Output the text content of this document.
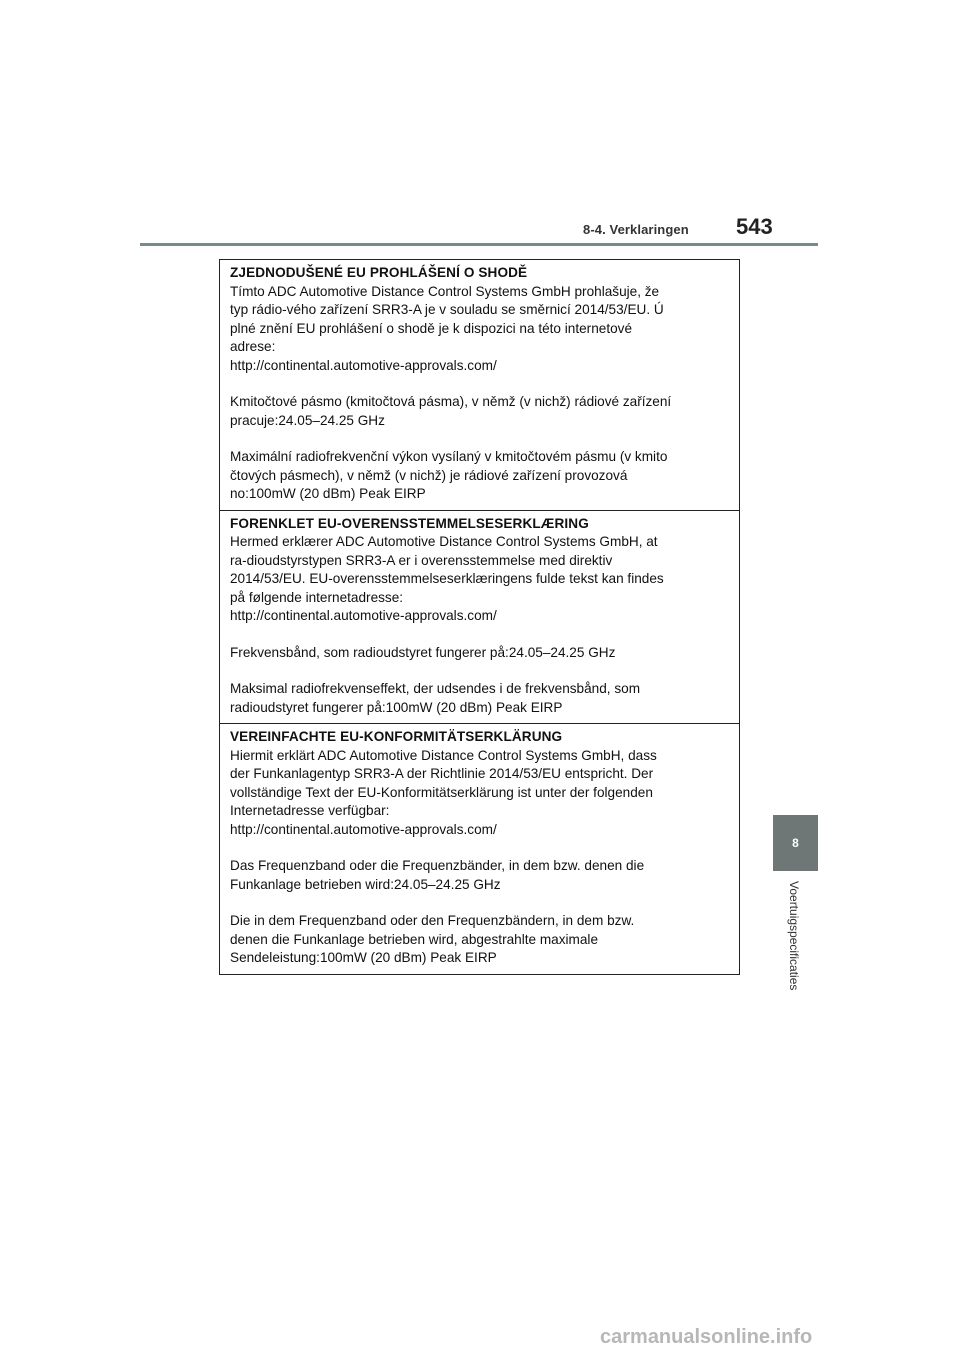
8-4. Verklaringen 543
8
Voertuigspecificaties
ZJEDNODUŠENÉ EU PROHLÁŠENÍ O SHODĚ
Tímto ADC Automotive Distance Control Systems GmbH prohlašuje, že
typ rádio-vého zařízení SRR3-A je v souladu se směrnicí 2014/53/EU. Ú
plné znění EU prohlášení o shodě je k dispozici na této internetové
adrese:
http://continental.automotive-approvals.com/
Kmitočtové pásmo (kmitočtová pásma), v němž (v nichž) rádiové zařízení
pracuje:24.05–24.25 GHz
Maximální radiofrekvenční výkon vysílaný v kmitočtovém pásmu (v kmito
čtových pásmech), v němž (v nichž) je rádiové zařízení provozová
no:100mW (20 dBm) Peak EIRP
FORENKLET EU-OVERENSSTEMMELSESERKLÆRING
Hermed erklærer ADC Automotive Distance Control Systems GmbH, at
ra-dioudstyrstypen SRR3-A er i overensstemmelse med direktiv
2014/53/EU. EU-overensstemmelseserklæringens fulde tekst kan findes
på følgende internetadresse:
http://continental.automotive-approvals.com/
Frekvensbånd, som radioudstyret fungerer på:24.05–24.25 GHz
Maksimal radiofrekvenseffekt, der udsendes i de frekvensbånd, som
radioudstyret fungerer på:100mW (20 dBm) Peak EIRP
VEREINFACHTE EU-KONFORMITÄTSERKLÄRUNG
Hiermit erklärt ADC Automotive Distance Control Systems GmbH, dass
der Funkanlagentyp SRR3-A der Richtlinie 2014/53/EU entspricht. Der
vollständige Text der EU-Konformitätserklärung ist unter der folgenden
Internetadresse verfügbar:
http://continental.automotive-approvals.com/
Das Frequenzband oder die Frequenzbänder, in dem bzw. denen die
Funkanlage betrieben wird:24.05–24.25 GHz
Die in dem Frequenzband oder den Frequenzbändern, in dem bzw.
denen die Funkanlage betrieben wird, abgestrahlte maximale
Sendeleistung:100mW (20 dBm) Peak EIRP
carmanualsonline.info
